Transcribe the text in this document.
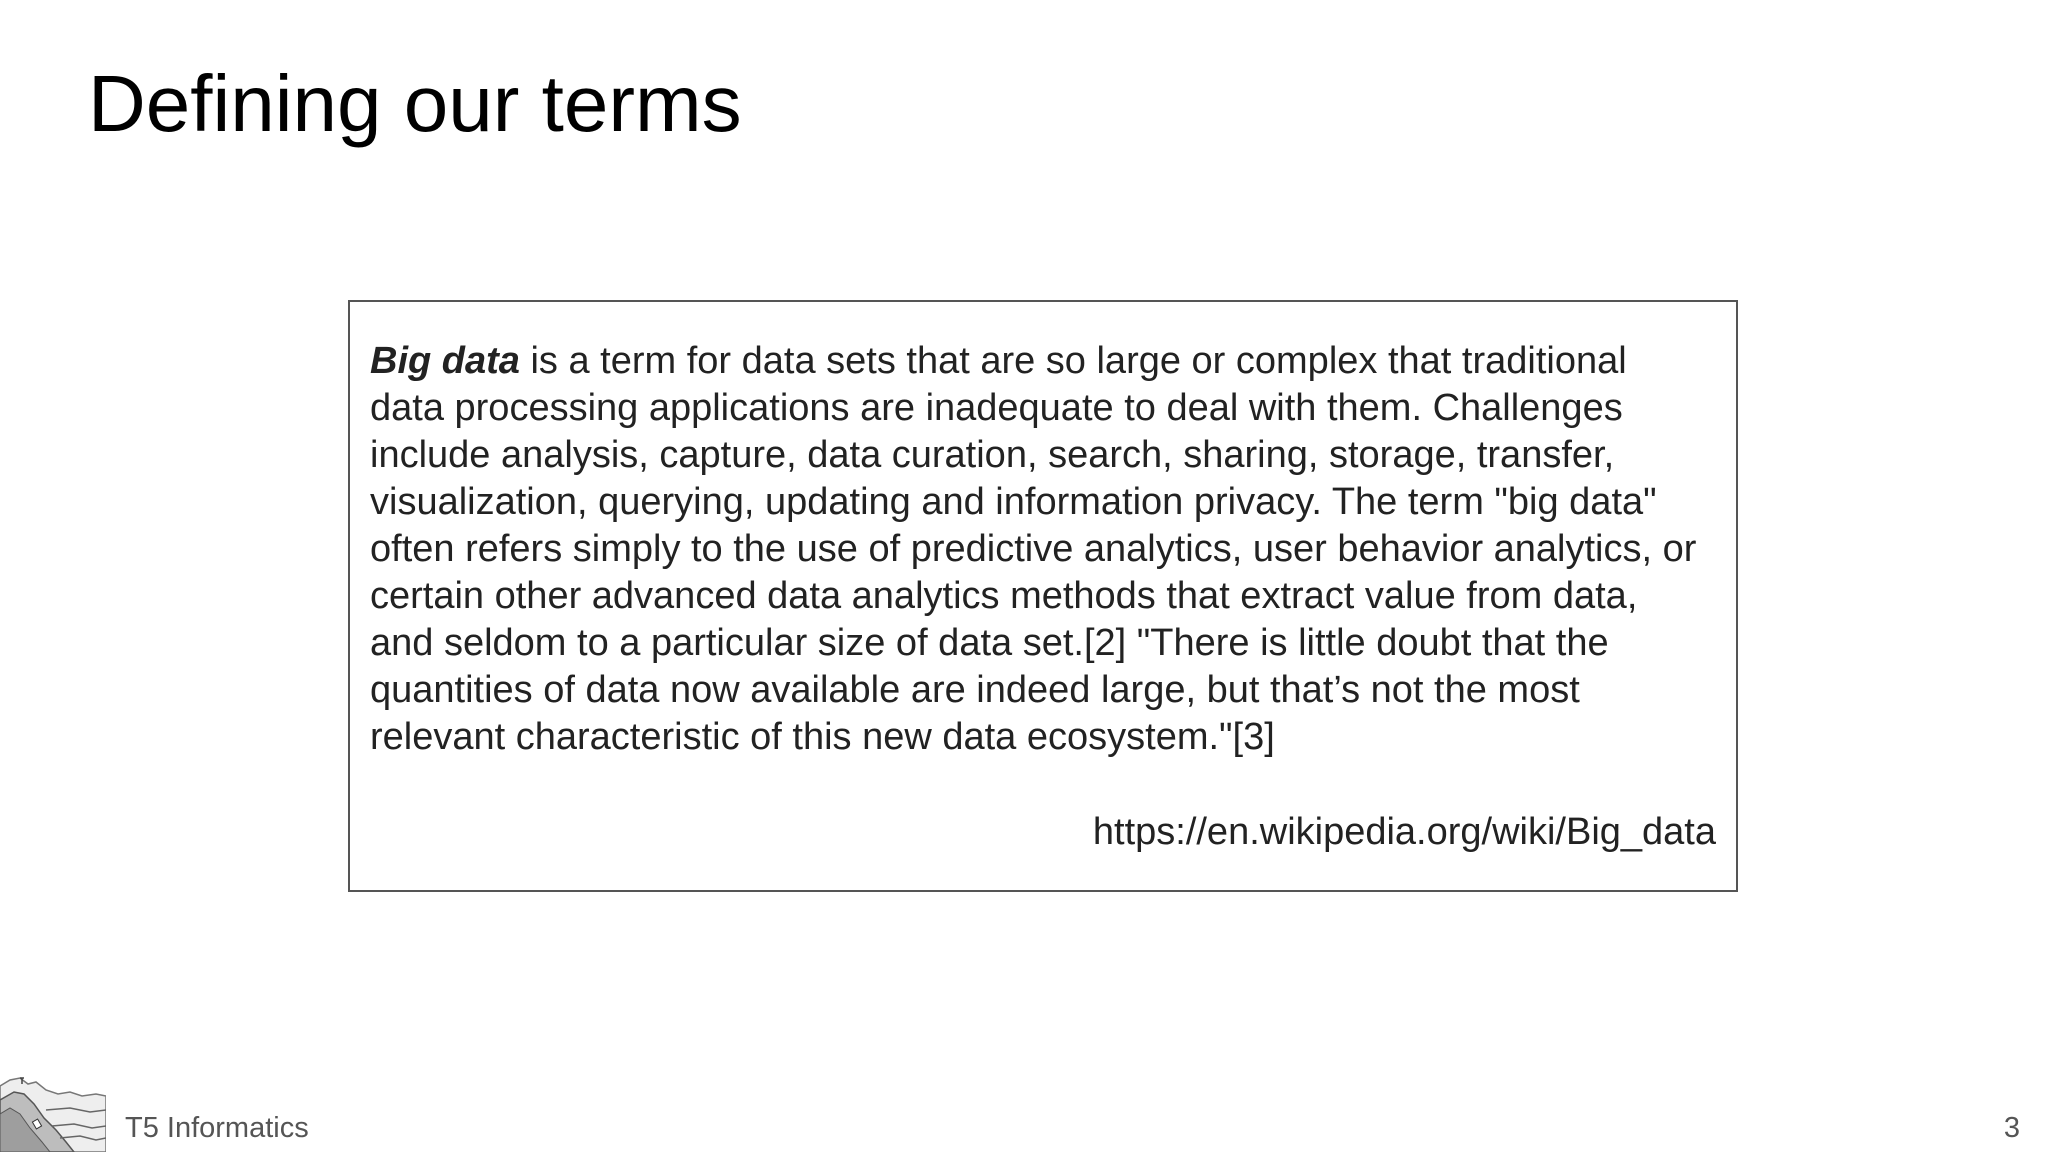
Defining our terms

Big data is a term for data sets that are so large or complex that traditional data processing applications are inadequate to deal with them. Challenges include analysis, capture, data curation, search, sharing, storage, transfer, visualization, querying, updating and information privacy. The term "big data" often refers simply to the use of predictive analytics, user behavior analytics, or certain other advanced data analytics methods that extract value from data, and seldom to a particular size of data set.[2] "There is little doubt that the quantities of data now available are indeed large, but that’s not the most relevant characteristic of this new data ecosystem."[3]

https://en.wikipedia.org/wiki/Big_data

T5 Informatics	3
